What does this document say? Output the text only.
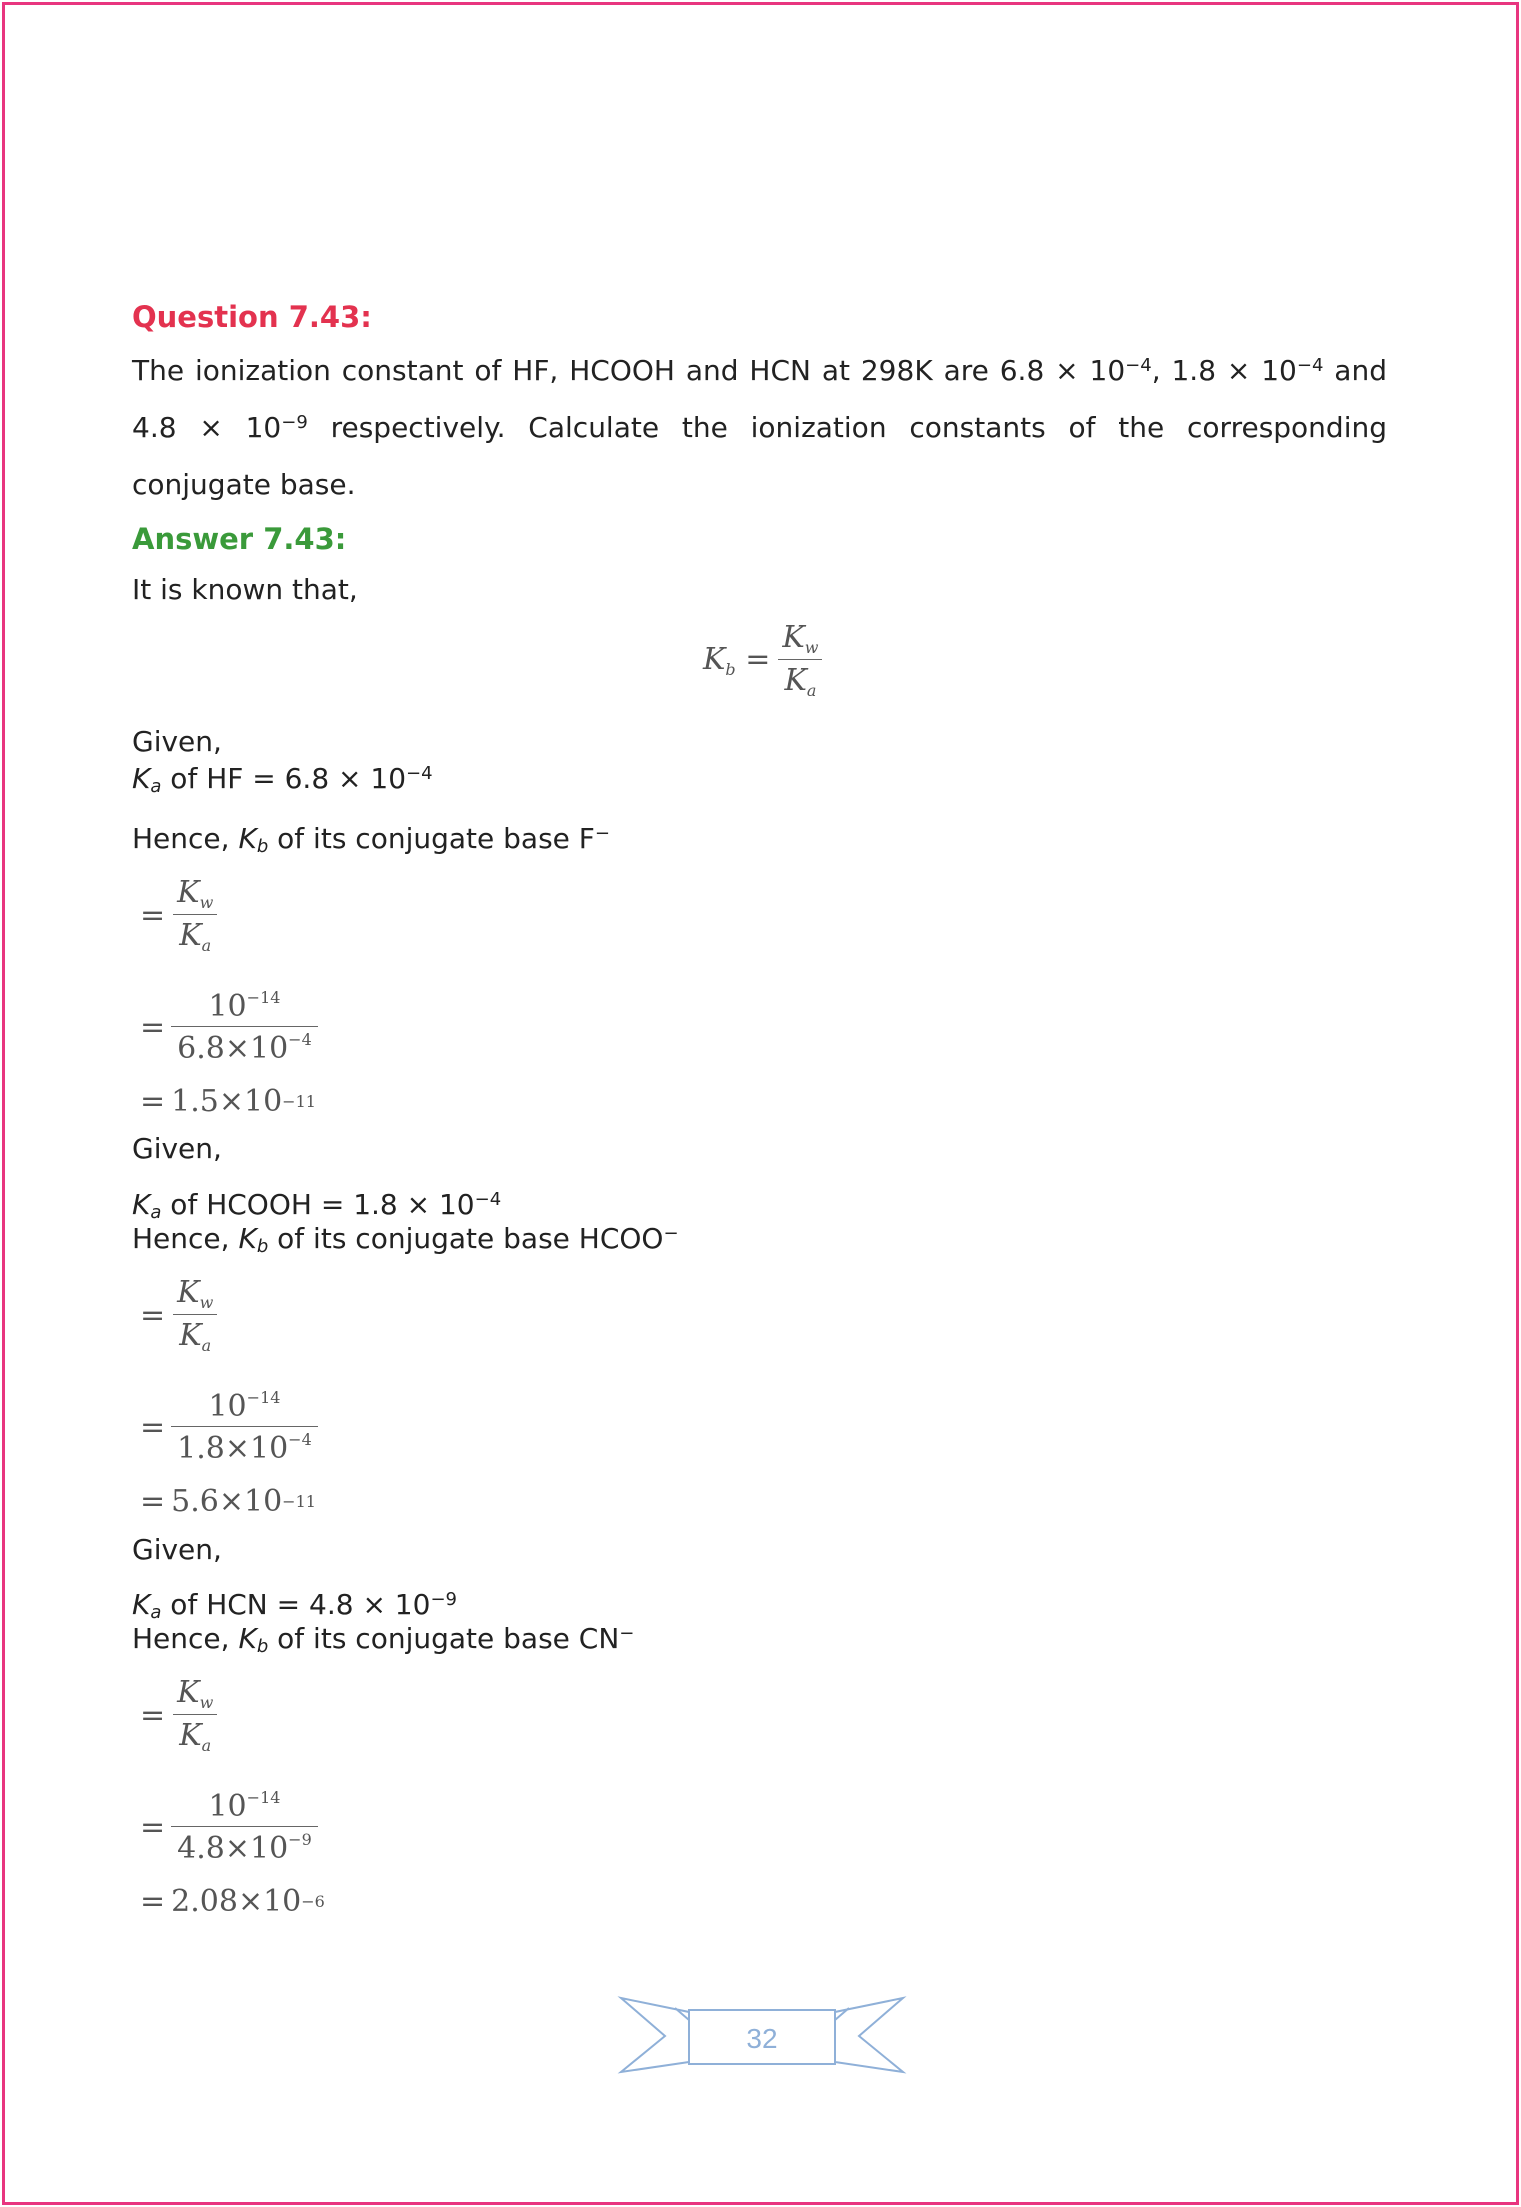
Question 7.43:
The ionization constant of HF, HCOOH and HCN at 298K are $6.8 \times 10^{-4}$, $1.8 \times 10^{-4}$ and $4.8 \times 10^{-9}$ respectively. Calculate the ionization constants of the corresponding conjugate base.
Answer 7.43:
It is known that,
$K_b = \frac{K_w}{K_a}$
Given,
$K_a$ of HF = $6.8 \times 10^{-4}$
Hence, $K_b$ of its conjugate base F−
= $\frac{K_w}{K_a}$
= $\frac{10^{-14}}{6.8\times 10^{-4}}$
= 1.5×10 −11
Given,
$K_a$ of HCOOH = $1.8 \times 10^{-4}$
Hence, $K_b$ of its conjugate base HCOO−
= $\frac{K_w}{K_a}$
= $\frac{10^{-14}}{1.8\times 10^{-4}}$
= 5.6×10 −11
Given,
$K_a$ of HCN = $4.8 \times 10^{-9}$
Hence, $K_b$ of its conjugate base CN−
= $\frac{K_w}{K_a}$
= $\frac{10^{-14}}{4.8\times 10^{-9}}$
= 2.08×10 −6
32
